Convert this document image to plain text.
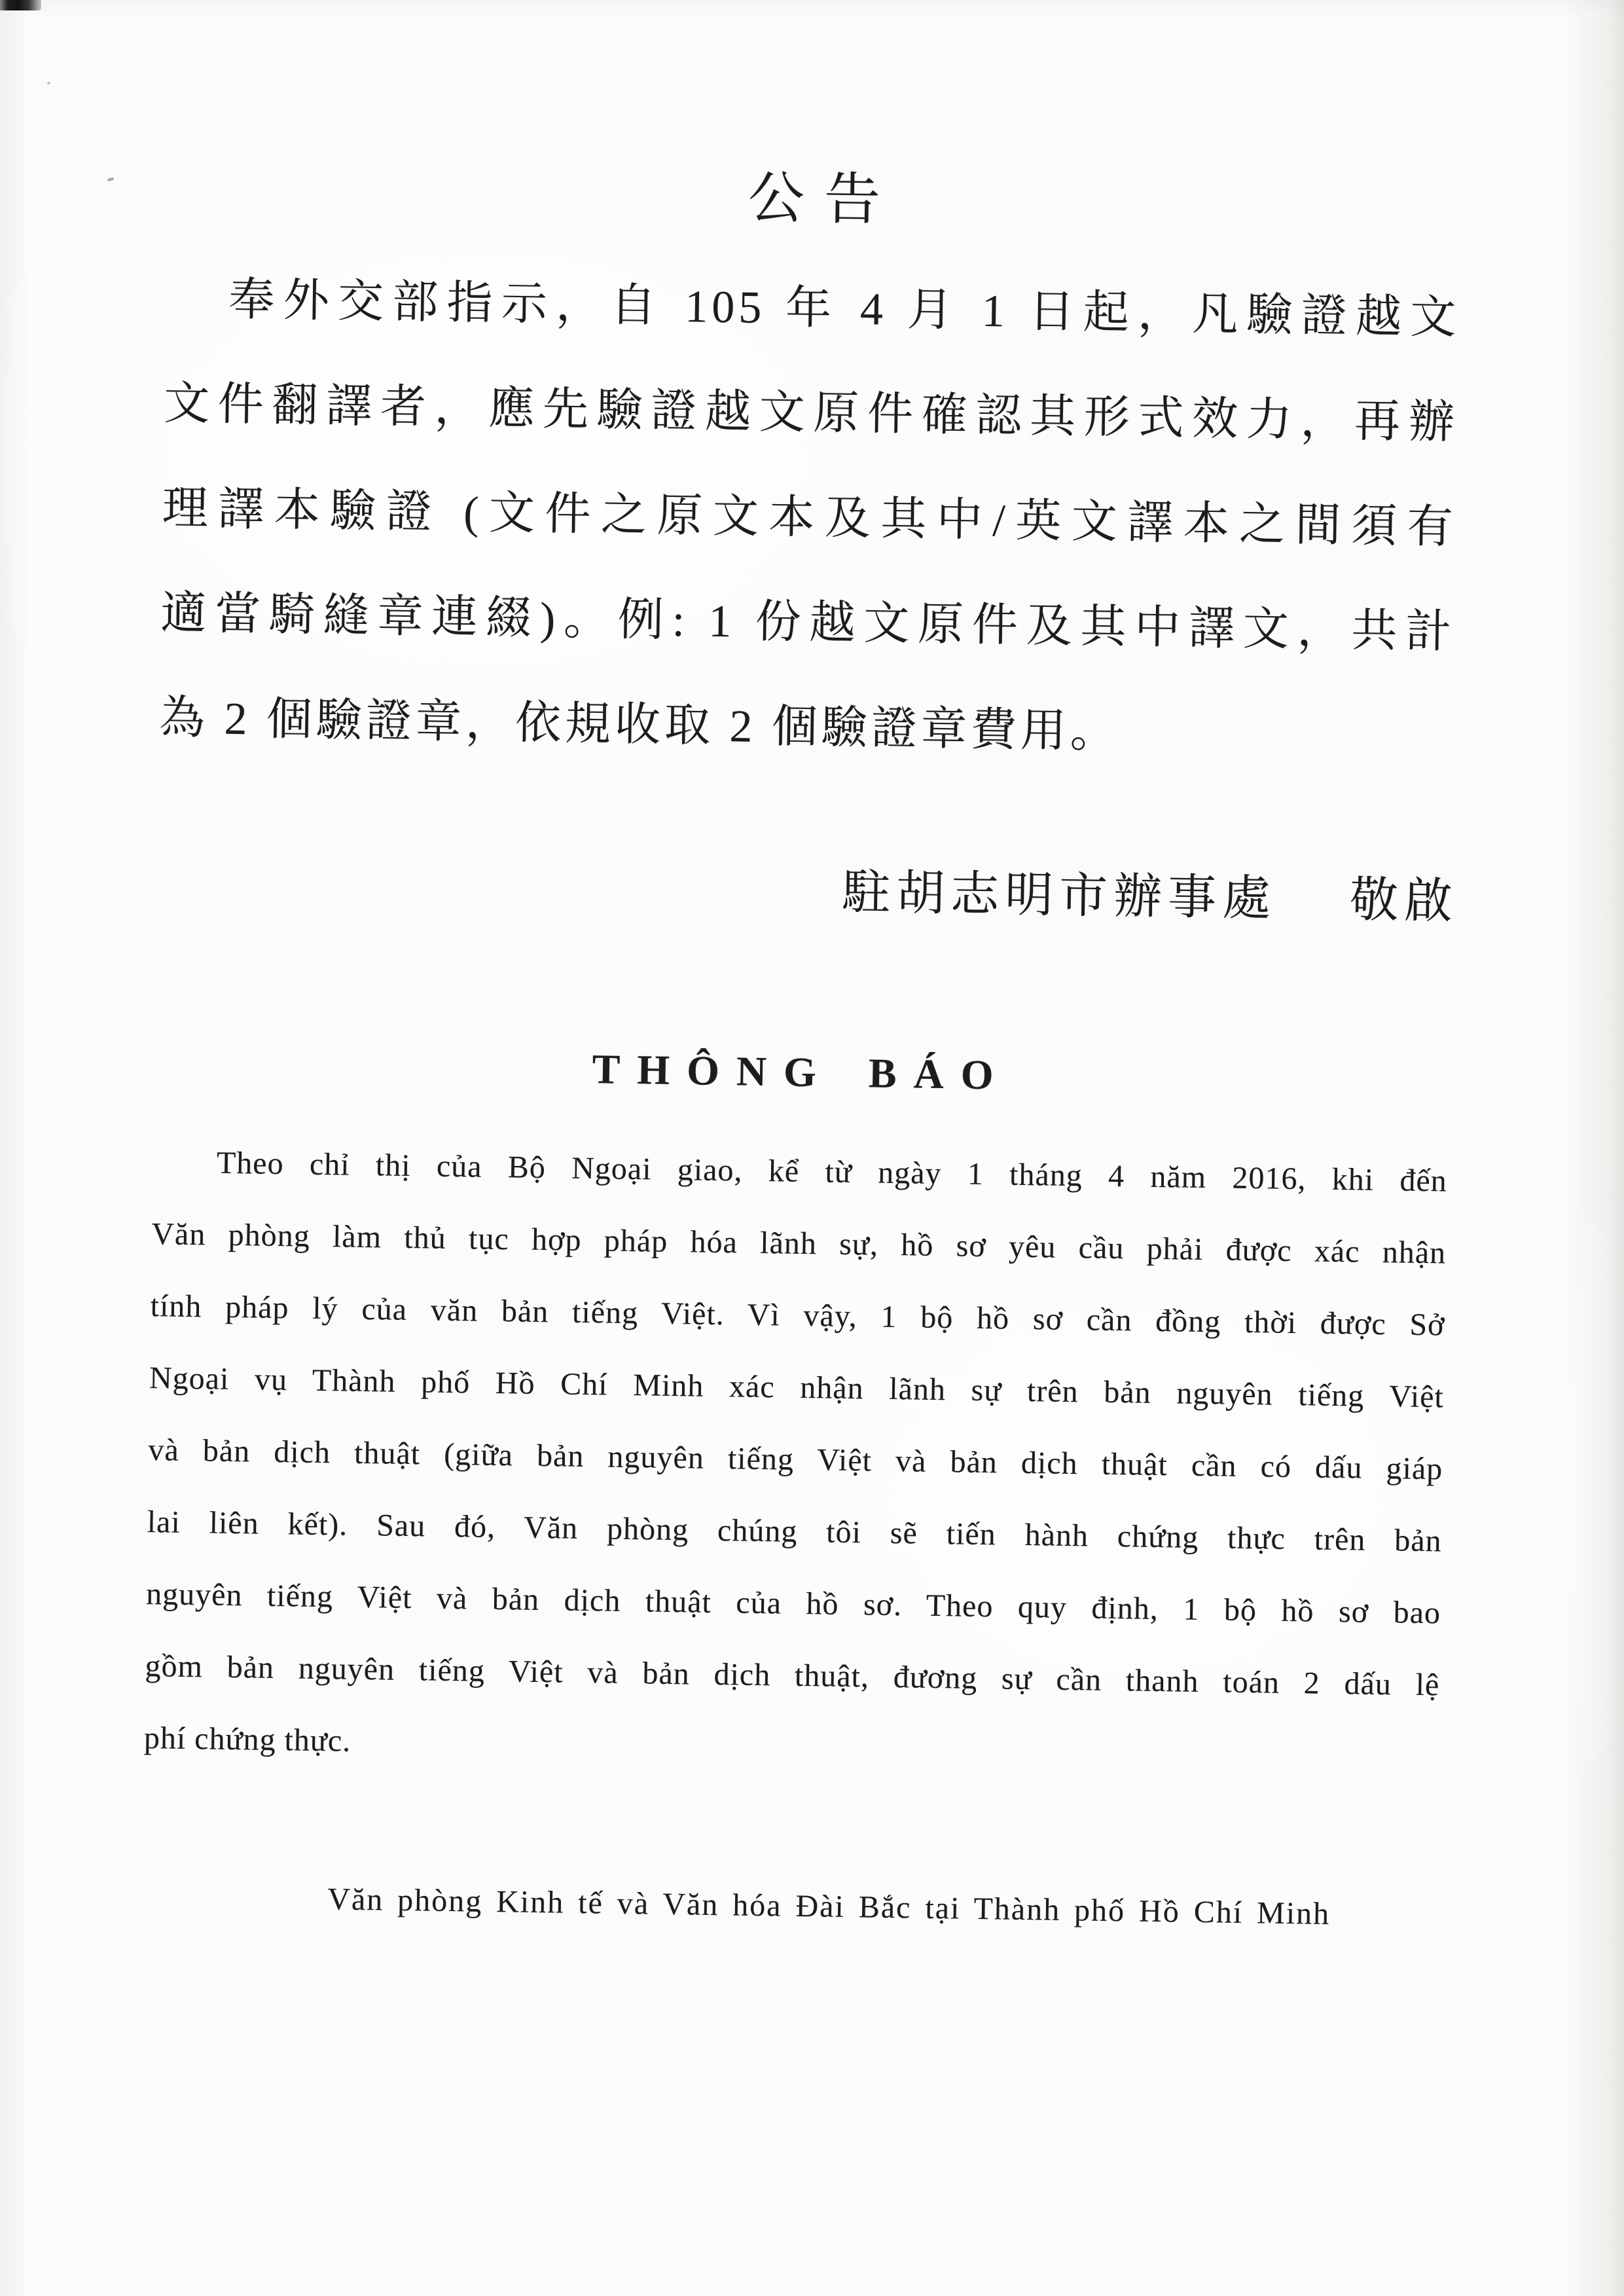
公告
奉外交部指示，自 105 年 4 月 1 日起，凡驗證越文
文件翻譯者，應先驗證越文原件確認其形式效力，再辦
理譯本驗證 (文件之原文本及其中/英文譯本之間須有
適當騎縫章連綴)。例: 1 份越文原件及其中譯文，共計
為 2 個驗證章，依規收取 2 個驗證章費用。
駐胡志明市辦事處 敬啟
THÔNG BÁO
Theo chỉ thị của Bộ Ngoại giao, kể từ ngày 1 tháng 4 năm 2016, khi đến
Văn phòng làm thủ tục hợp pháp hóa lãnh sự, hồ sơ yêu cầu phải được xác nhận
tính pháp lý của văn bản tiếng Việt. Vì vậy, 1 bộ hồ sơ cần đồng thời được Sở
Ngoại vụ Thành phố Hồ Chí Minh xác nhận lãnh sự trên bản nguyên tiếng Việt
và bản dịch thuật (giữa bản nguyên tiếng Việt và bản dịch thuật cần có dấu giáp
lai liên kết). Sau đó, Văn phòng chúng tôi sẽ tiến hành chứng thực trên bản
nguyên tiếng Việt và bản dịch thuật của hồ sơ. Theo quy định, 1 bộ hồ sơ bao
gồm bản nguyên tiếng Việt và bản dịch thuật, đương sự cần thanh toán 2 dấu lệ
phí chứng thực.
Văn phòng Kinh tế và Văn hóa Đài Bắc tại Thành phố Hồ Chí Minh
